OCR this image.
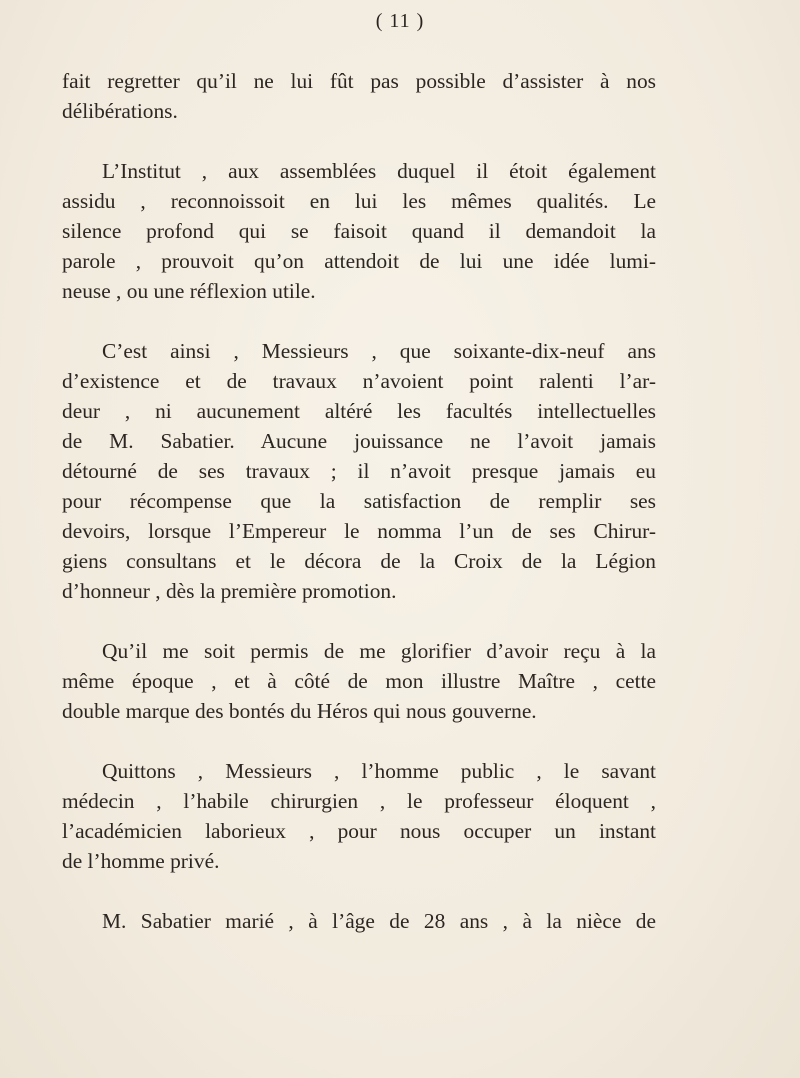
( 11 )
fait regretter qu’il ne lui fût pas possible d’assister à nos
délibérations.
L’Institut , aux assemblées duquel il étoit également
assidu , reconnoissoit en lui les mêmes qualités. Le
silence profond qui se faisoit quand il demandoit la
parole , prouvoit qu’on attendoit de lui une idée lumi-
neuse , ou une réflexion utile.
C’est ainsi , Messieurs , que soixante-dix-neuf ans
d’existence et de travaux n’avoient point ralenti l’ar-
deur , ni aucunement altéré les facultés intellectuelles
de M. Sabatier. Aucune jouissance ne l’avoit jamais
détourné de ses travaux ; il n’avoit presque jamais eu
pour récompense que la satisfaction de remplir ses
devoirs, lorsque l’Empereur le nomma l’un de ses Chirur-
giens consultans et le décora de la Croix de la Légion
d’honneur , dès la première promotion.
Qu’il me soit permis de me glorifier d’avoir reçu à la
même époque , et à côté de mon illustre Maître , cette
double marque des bontés du Héros qui nous gouverne.
Quittons , Messieurs , l’homme public , le savant
médecin , l’habile chirurgien , le professeur éloquent ,
l’académicien laborieux , pour nous occuper un instant
de l’homme privé.
M. Sabatier marié , à l’âge de 28 ans , à la nièce de
